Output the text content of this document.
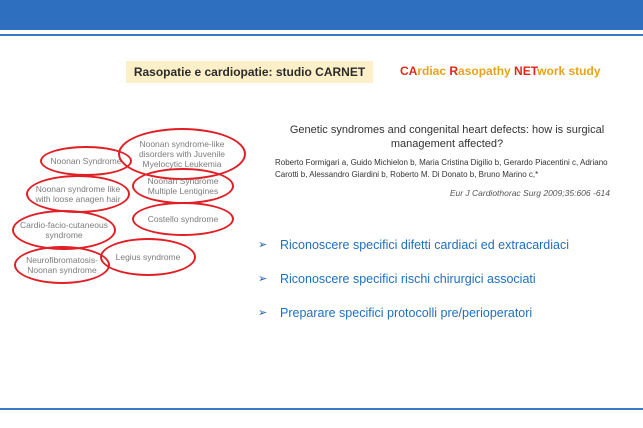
Rasopatie e cardiopatie: studio CARNET	CArdiac Rasopathy NETwork study
Noonan Syndrome
Noonan syndrome-like disorders with Juvenile Myelocytic Leukemia
Noonan syndrome like with loose anagen hair
Noonan Syndrome Multiple Lentigines
Costello syndrome
Cardio-facio-cutaneous syndrome
Legius syndrome
Neurofibromatosis-Noonan syndrome
Genetic syndromes and congenital heart defects: how is surgical management affected?
Roberto Formigari a, Guido Michielon b, Maria Cristina Digilio b, Gerardo Piacentini c, Adriano Carotti b, Alessandro Giardini b, Roberto M. Di Donato b, Bruno Marino c,*
Eur J Cardiothorac Surg 2009;35:606 -614
➢	Riconoscere specifici difetti cardiaci ed extracardiaci
➢	Riconoscere specifici rischi chirurgici associati
➢	Preparare specifici protocolli pre/perioperatori
